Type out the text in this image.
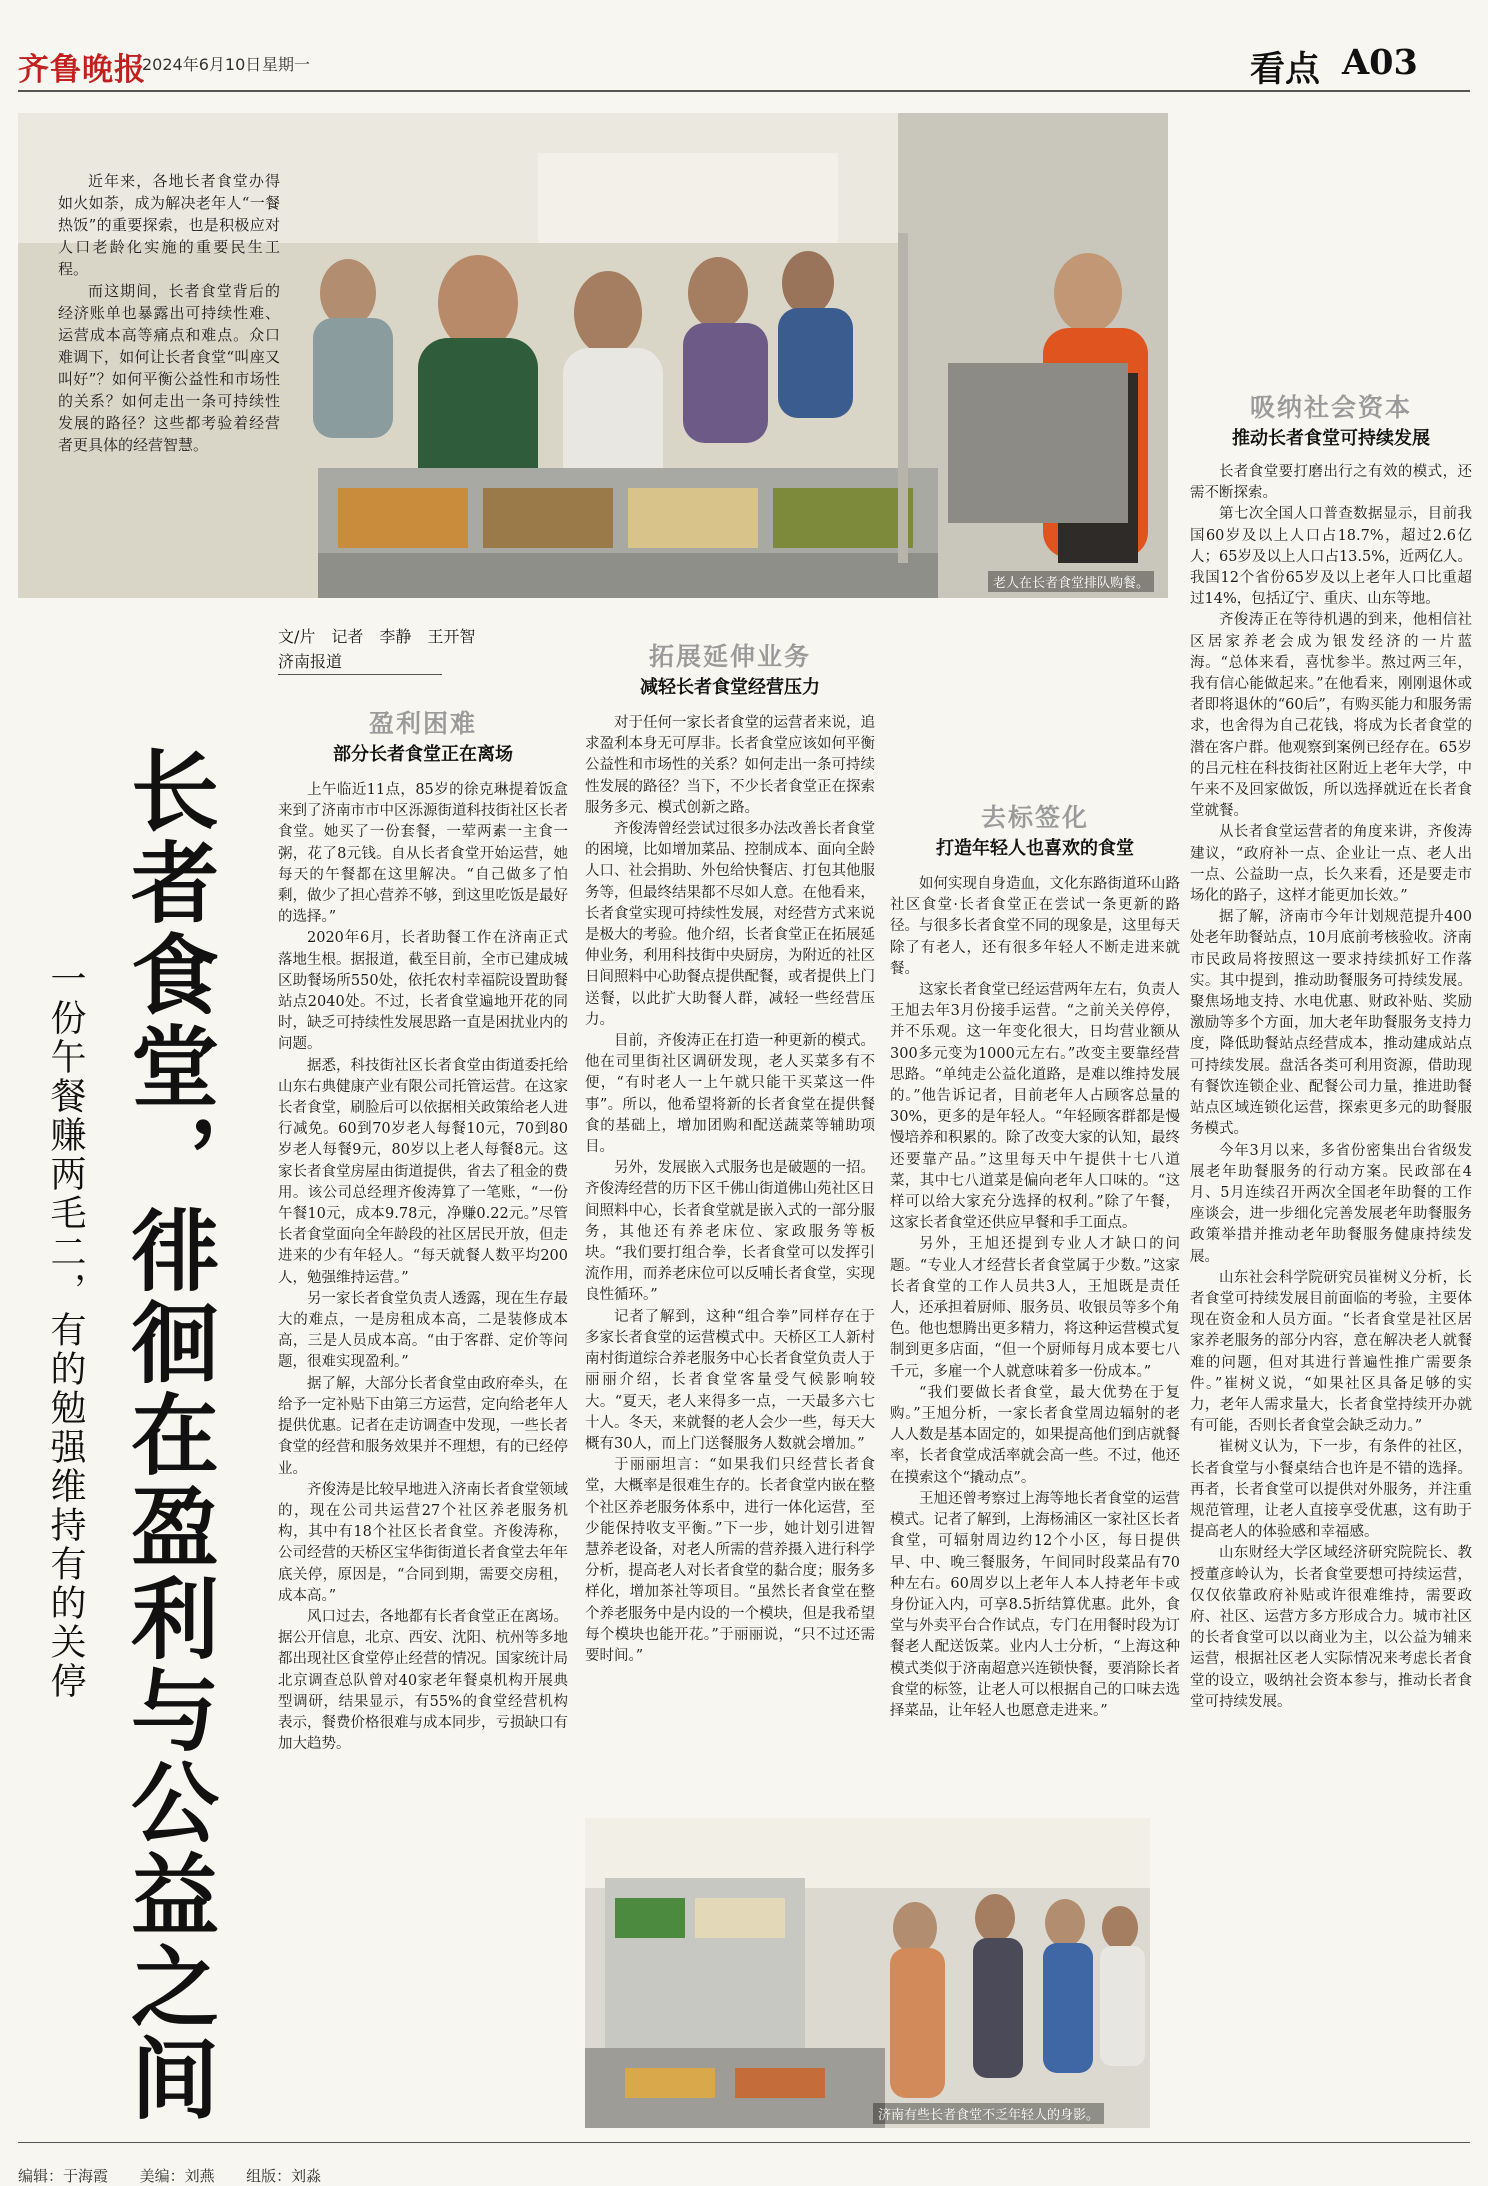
齐鲁晚报
2024年6月10日 星期一	看点 A03
老人在长者食堂排队购餐。

近年来，各地长者食堂办得如火如荼，成为解决老年人“一餐热饭”的重要探索，也是积极应对人口老龄化实施的重要民生工程。

而这期间，长者食堂背后的经济账单也暴露出可持续性难、运营成本高等痛点和难点。众口难调下，如何让长者食堂“叫座又叫好”？如何平衡公益性和市场性的关系？如何走出一条可持续性发展的路径？这些都考验着经营者更具体的经营智慧。

长者食堂，徘徊在盈利与公益之间
一份午餐赚两毛二，有的勉强维持有的关停
文/片　记者　李静　王开智
济南报道
盈利困难
部分长者食堂正在离场

上午临近11点，85岁的徐克琳提着饭盒来到了济南市市中区泺源街道科技街社区长者食堂。她买了一份套餐，一荤两素一主食一粥，花了8元钱。自从长者食堂开始运营，她每天的午餐都在这里解决。“自己做多了怕剩，做少了担心营养不够，到这里吃饭是最好的选择。”

2020年6月，长者助餐工作在济南正式落地生根。据报道，截至目前，全市已建成城区助餐场所550处，依托农村幸福院设置助餐站点2040处。不过，长者食堂遍地开花的同时，缺乏可持续性发展思路一直是困扰业内的问题。

据悉，科技街社区长者食堂由街道委托给山东右典健康产业有限公司托管运营。在这家长者食堂，刷脸后可以依据相关政策给老人进行减免。60到70岁老人每餐10元，70到80岁老人每餐9元，80岁以上老人每餐8元。这家长者食堂房屋由街道提供，省去了租金的费用。该公司总经理齐俊涛算了一笔账，“一份午餐10元，成本9.78元，净赚0.22元。”尽管长者食堂面向全年龄段的社区居民开放，但走进来的少有年轻人。“每天就餐人数平均200人，勉强维持运营。”

另一家长者食堂负责人透露，现在生存最大的难点，一是房租成本高，二是装修成本高，三是人员成本高。“由于客群、定价等问题，很难实现盈利。”

据了解，大部分长者食堂由政府牵头，在给予一定补贴下由第三方运营，定向给老年人提供优惠。记者在走访调查中发现，一些长者食堂的经营和服务效果并不理想，有的已经停业。

齐俊涛是比较早地进入济南长者食堂领域的，现在公司共运营27个社区养老服务机构，其中有18个社区长者食堂。齐俊涛称，公司经营的天桥区宝华街街道长者食堂去年年底关停，原因是，“合同到期，需要交房租，成本高。”

风口过去，各地都有长者食堂正在离场。据公开信息，北京、西安、沈阳、杭州等多地都出现社区食堂停止经营的情况。国家统计局北京调查总队曾对40家老年餐桌机构开展典型调研，结果显示，有55%的食堂经营机构表示，餐费价格很难与成本同步，亏损缺口有加大趋势。

拓展延伸业务
减轻长者食堂经营压力

对于任何一家长者食堂的运营者来说，追求盈利本身无可厚非。长者食堂应该如何平衡公益性和市场性的关系？如何走出一条可持续性发展的路径？当下，不少长者食堂正在探索服务多元、模式创新之路。

齐俊涛曾经尝试过很多办法改善长者食堂的困境，比如增加菜品、控制成本、面向全龄人口、社会捐助、外包给快餐店、打包其他服务等，但最终结果都不尽如人意。在他看来，长者食堂实现可持续性发展，对经营方式来说是极大的考验。他介绍，长者食堂正在拓展延伸业务，利用科技街中央厨房，为附近的社区日间照料中心助餐点提供配餐，或者提供上门送餐，以此扩大助餐人群，减轻一些经营压力。

目前，齐俊涛正在打造一种更新的模式。他在司里街社区调研发现，老人买菜多有不便，“有时老人一上午就只能干买菜这一件事”。所以，他希望将新的长者食堂在提供餐食的基础上，增加团购和配送蔬菜等辅助项目。

另外，发展嵌入式服务也是破题的一招。齐俊涛经营的历下区千佛山街道佛山苑社区日间照料中心，长者食堂就是嵌入式的一部分服务，其他还有养老床位、家政服务等板块。“我们要打组合拳，长者食堂可以发挥引流作用，而养老床位可以反哺长者食堂，实现良性循环。”

记者了解到，这种“组合拳”同样存在于多家长者食堂的运营模式中。天桥区工人新村南村街道综合养老服务中心长者食堂负责人于丽丽介绍，长者食堂客量受气候影响较大。“夏天，老人来得多一点，一天最多六七十人。冬天，来就餐的老人会少一些，每天大概有30人，而上门送餐服务人数就会增加。”

于丽丽坦言：“如果我们只经营长者食堂，大概率是很难生存的。长者食堂内嵌在整个社区养老服务体系中，进行一体化运营，至少能保持收支平衡。”下一步，她计划引进智慧养老设备，对老人所需的营养摄入进行科学分析，提高老人对长者食堂的黏合度；服务多样化，增加茶社等项目。“虽然长者食堂在整个养老服务中是内设的一个模块，但是我希望每个模块也能开花。”于丽丽说，“只不过还需要时间。”

去标签化
打造年轻人也喜欢的食堂

如何实现自身造血，文化东路街道环山路社区食堂·长者食堂正在尝试一条更新的路径。与很多长者食堂不同的现象是，这里每天除了有老人，还有很多年轻人不断走进来就餐。

这家长者食堂已经运营两年左右，负责人王旭去年3月份接手运营。“之前关关停停，并不乐观。这一年变化很大，日均营业额从300多元变为1000元左右。”改变主要靠经营思路。“单纯走公益化道路，是难以维持发展的。”他告诉记者，目前老年人占顾客总量的30%，更多的是年轻人。“年轻顾客群都是慢慢培养和积累的。除了改变大家的认知，最终还要靠产品。”这里每天中午提供十七八道菜，其中七八道菜是偏向老年人口味的。“这样可以给大家充分选择的权利。”除了午餐，这家长者食堂还供应早餐和手工面点。

另外，王旭还提到专业人才缺口的问题。“专业人才经营长者食堂属于少数。”这家长者食堂的工作人员共3人，王旭既是责任人，还承担着厨师、服务员、收银员等多个角色。他也想腾出更多精力，将这种运营模式复制到更多店面，“但一个厨师每月成本要七八千元，多雇一个人就意味着多一份成本。”

“我们要做长者食堂，最大优势在于复购。”王旭分析，一家长者食堂周边辐射的老人人数是基本固定的，如果提高他们到店就餐率，长者食堂成活率就会高一些。不过，他还在摸索这个“撬动点”。

王旭还曾考察过上海等地长者食堂的运营模式。记者了解到，上海杨浦区一家社区长者食堂，可辐射周边约12个小区，每日提供早、中、晚三餐服务，午间同时段菜品有70种左右。60周岁以上老年人本人持老年卡或身份证入内，可享8.5折结算优惠。此外，食堂与外卖平台合作试点，专门在用餐时段为订餐老人配送饭菜。业内人士分析，“上海这种模式类似于济南超意兴连锁快餐，要消除长者食堂的标签，让老人可以根据自己的口味去选择菜品，让年轻人也愿意走进来。”

吸纳社会资本
推动长者食堂可持续发展

长者食堂要打磨出行之有效的模式，还需不断探索。

第七次全国人口普查数据显示，目前我国60岁及以上人口占18.7%，超过2.6亿人；65岁及以上人口占13.5%，近两亿人。我国12个省份65岁及以上老年人口比重超过14%，包括辽宁、重庆、山东等地。

齐俊涛正在等待机遇的到来，他相信社区居家养老会成为银发经济的一片蓝海。“总体来看，喜忧参半。熬过两三年，我有信心能做起来。”在他看来，刚刚退休或者即将退休的“60后”，有购买能力和服务需求，也舍得为自己花钱，将成为长者食堂的潜在客户群。他观察到案例已经存在。65岁的吕元柱在科技街社区附近上老年大学，中午来不及回家做饭，所以选择就近在长者食堂就餐。

从长者食堂运营者的角度来讲，齐俊涛建议，“政府补一点、企业让一点、老人出一点、公益助一点，长久来看，还是要走市场化的路子，这样才能更加长效。”

据了解，济南市今年计划规范提升400处老年助餐站点，10月底前考核验收。济南市民政局将按照这一要求持续抓好工作落实。其中提到，推动助餐服务可持续发展。聚焦场地支持、水电优惠、财政补贴、奖励激励等多个方面，加大老年助餐服务支持力度，降低助餐站点经营成本，推动建成站点可持续发展。盘活各类可利用资源，借助现有餐饮连锁企业、配餐公司力量，推进助餐站点区域连锁化运营，探索更多元的助餐服务模式。

今年3月以来，多省份密集出台省级发展老年助餐服务的行动方案。民政部在4月、5月连续召开两次全国老年助餐的工作座谈会，进一步细化完善发展老年助餐服务政策举措并推动老年助餐服务健康持续发展。

山东社会科学院研究员崔树义分析，长者食堂可持续发展目前面临的考验，主要体现在资金和人员方面。“长者食堂是社区居家养老服务的部分内容，意在解决老人就餐难的问题，但对其进行普遍性推广需要条件。”崔树义说，“如果社区具备足够的实力，老年人需求量大，长者食堂持续开办就有可能，否则长者食堂会缺乏动力。”

崔树义认为，下一步，有条件的社区，长者食堂与小餐桌结合也许是不错的选择。再者，长者食堂可以提供对外服务，并注重规范管理，让老人直接享受优惠，这有助于提高老人的体验感和幸福感。

山东财经大学区域经济研究院院长、教授董彦岭认为，长者食堂要想可持续运营，仅仅依靠政府补贴或许很难维持，需要政府、社区、运营方多方形成合力。城市社区的长者食堂可以以商业为主，以公益为辅来运营，根据社区老人实际情况来考虑长者食堂的设立，吸纳社会资本参与，推动长者食堂可持续发展。

济南有些长者食堂不乏年轻人的身影。
编辑：于海霞 美编：刘燕 组版：刘淼
